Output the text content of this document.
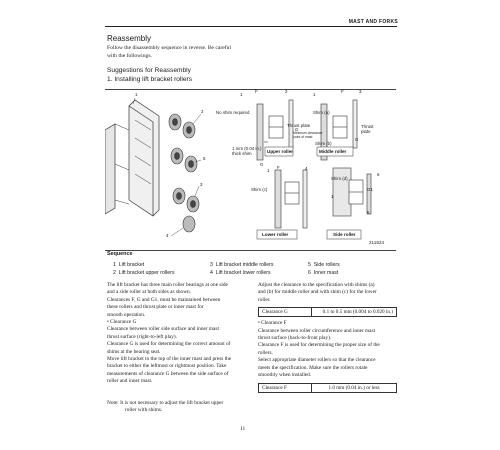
MAST AND FORKS
Reassembly
Follow the disassembly sequence in reverse. Be careful
with the followings.
Suggestions for Reassembly
1. Installing lift bracket rollers
1
2
5
3
4
No shim required
1
F	2
Thrust plate
Minimum clearance
point of mast
G
1 mm (0.04 in.)
thick shim	Upper roller
1
F	3
Shim (a)
Thrust
plate
G
Shim (b)
Middle roller
G
1
F	4
Shim (c)
Lower roller
Shim (d)
6
G1
1
5
Side roller
211524
Sequence
1 Lift bracket	3 Lift bracket middle rollers	5 Side rollers
2 Lift bracket upper rollers	4 Lift bracket lower rollers	6 Inner mast
The lift bracket has three main roller bearings at one side
and a side roller at both sides as shown.
Clearances F, G and G1, must be maintained between
these rollers and thrust plate or inner mast for
smooth operation.
• Clearance G
Clearance between roller side surface and inner mast
thrust surface (right-to-left play).
Clearance G is used for determining the correct amount of
shims at the bearing seat.
Move lift bracket to the top of the inner mast and press the
bracket to either the leftmost or rightmost position. Take
measurements of clearance G between the side surface of
roller and inner mast.
Note: It is not necessary to adjust the lift bracket upper
roller with shims.
Adjust the clearance to the specification with shims (a)
and (b) for middle roller and with shim (c) for the lower
roller.
Clearance G	0.1 to 0.5 mm (0.004 to 0.020 in.)
• Clearance F
Clearance between roller circumference and inner mast
thrust surface (back-to-front play).
Clearance F is used for determining the proper size of the
rollers.
Select appropriate diameter rollers so that the clearance
meets the specification. Make sure the rollers rotate
smoothly when installed.
Clearance F	1.0 mm (0.04 in.) or less
11
